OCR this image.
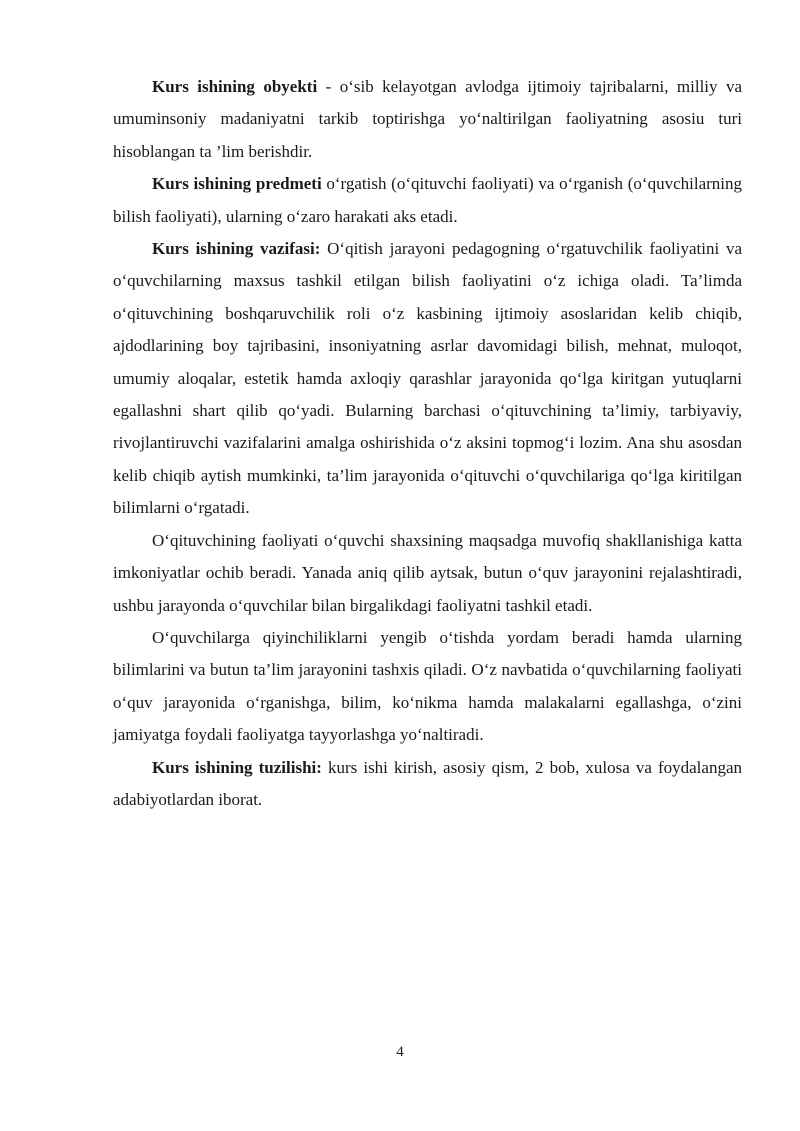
Kurs ishining obyekti - o‘sib kelayotgan avlodga ijtimoiy tajribalarni, milliy va umuminsoniy madaniyatni tarkib toptirishga yo‘naltirilgan faoliyatning asosiu turi hisoblangan ta ’lim berishdir.

Kurs ishining predmeti o‘rgatish (o‘qituvchi faoliyati) va o‘rganish (o‘quvchilarning bilish faoliyati), ularning o‘zaro harakati aks etadi.

Kurs ishining vazifasi: O‘qitish jarayoni pedagogning o‘rgatuvchilik faoliyatini va o‘quvchilarning maxsus tashkil etilgan bilish faoliyatini o‘z ichiga oladi. Ta’limda o‘qituvchining boshqaruvchilik roli o‘z kasbining ijtimoiy asoslaridan kelib chiqib, ajdodlarining boy tajribasini, insoniyatning asrlar davomidagi bilish, mehnat, muloqot, umumiy aloqalar, estetik hamda axloqiy qarashlar jarayonida qo‘lga kiritgan yutuqlarni egallashni shart qilib qo‘yadi. Bularning barchasi o‘qituvchining ta’limiy, tarbiyaviy, rivojlantiruvchi vazifalarini amalga oshirishida o‘z aksini topmog‘i lozim. Ana shu asosdan kelib chiqib aytish mumkinki, ta’lim jarayonida o‘qituvchi o‘quvchilariga qo‘lga kiritilgan bilimlarni o‘rgatadi.

O‘qituvchining faoliyati o‘quvchi shaxsining maqsadga muvofiq shakllanishiga katta imkoniyatlar ochib beradi. Yanada aniq qilib aytsak, butun o‘quv jarayonini rejalashtiradi, ushbu jarayonda o‘quvchilar bilan birgalikdagi faoliyatni tashkil etadi.

O‘quvchilarga qiyinchiliklarni yengib o‘tishda yordam beradi hamda ularning bilimlarini va butun ta’lim jarayonini tashxis qiladi. O‘z navbatida o‘quvchilarning faoliyati o‘quv jarayonida o‘rganishga, bilim, ko‘nikma hamda malakalarni egallashga, o‘zini jamiyatga foydali faoliyatga tayyorlashga yo‘naltiradi.

Kurs ishining tuzilishi: kurs ishi kirish, asosiy qism, 2 bob, xulosa va foydalangan adabiyotlardan iborat.

4
